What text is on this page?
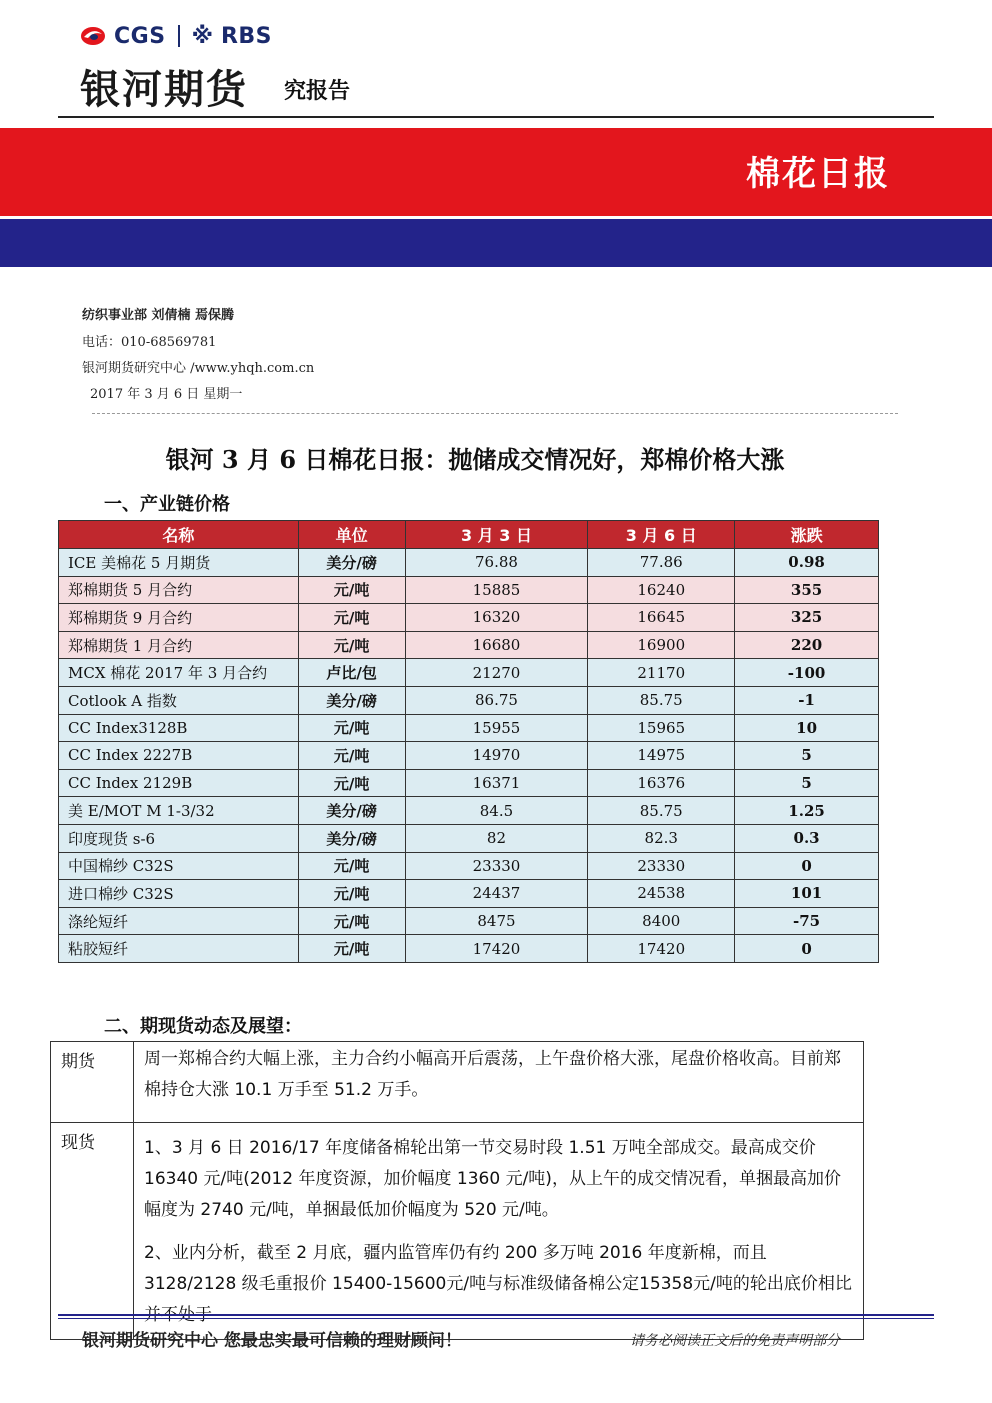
CGS ※ RBS
银河期货 究报告
棉花日报
纺织事业部 刘倩楠 焉保腾
电话：010-68569781
银河期货研究中心 /www.yhqh.com.cn
2017 年 3 月 6 日 星期一
银河 3 月 6 日棉花日报：抛储成交情况好，郑棉价格大涨
一、产业链价格
名称	单位	3 月 3 日	3 月 6 日	涨跌
ICE 美棉花 5 月期货	美分/磅	76.88	77.86	0.98
郑棉期货 5 月合约	元/吨	15885	16240	355
郑棉期货 9 月合约	元/吨	16320	16645	325
郑棉期货 1 月合约	元/吨	16680	16900	220
MCX 棉花 2017 年 3 月合约	卢比/包	21270	21170	-100
Cotlook A 指数	美分/磅	86.75	85.75	-1
CC Index3128B	元/吨	15955	15965	10
CC Index 2227B	元/吨	14970	14975	5
CC Index 2129B	元/吨	16371	16376	5
美 E/MOT M 1-3/32	美分/磅	84.5	85.75	1.25
印度现货 s-6	美分/磅	82	82.3	0.3
中国棉纱 C32S	元/吨	23330	23330	0
进口棉纱 C32S	元/吨	24437	24538	101
涤纶短纤	元/吨	8475	8400	-75
粘胶短纤	元/吨	17420	17420	0
二、期现货动态及展望：
期货	周一郑棉合约大幅上涨，主力合约小幅高开后震荡，上午盘价格大涨，尾盘价格收高。目前郑棉持仓大涨 10.1 万手至 51.2 万手。

现货	1、3 月 6 日 2016/17 年度储备棉轮出第一节交易时段 1.51 万吨全部成交。最高成交价 16340 元/吨(2012 年度资源，加价幅度 1360 元/吨)，从上午的成交情况看，单捆最高加价幅度为 2740 元/吨，单捆最低加价幅度为 520 元/吨。

2、业内分析，截至 2 月底，疆内监管库仍有约 200 多万吨 2016 年度新棉，而且 3128/2128 级毛重报价 15400-15600元/吨与标准级储备棉公定15358元/吨的轮出底价相比

银河期货研究中心 您最忠实最可信赖的理财顾问！	请务必阅读正文后的免责声明部分
